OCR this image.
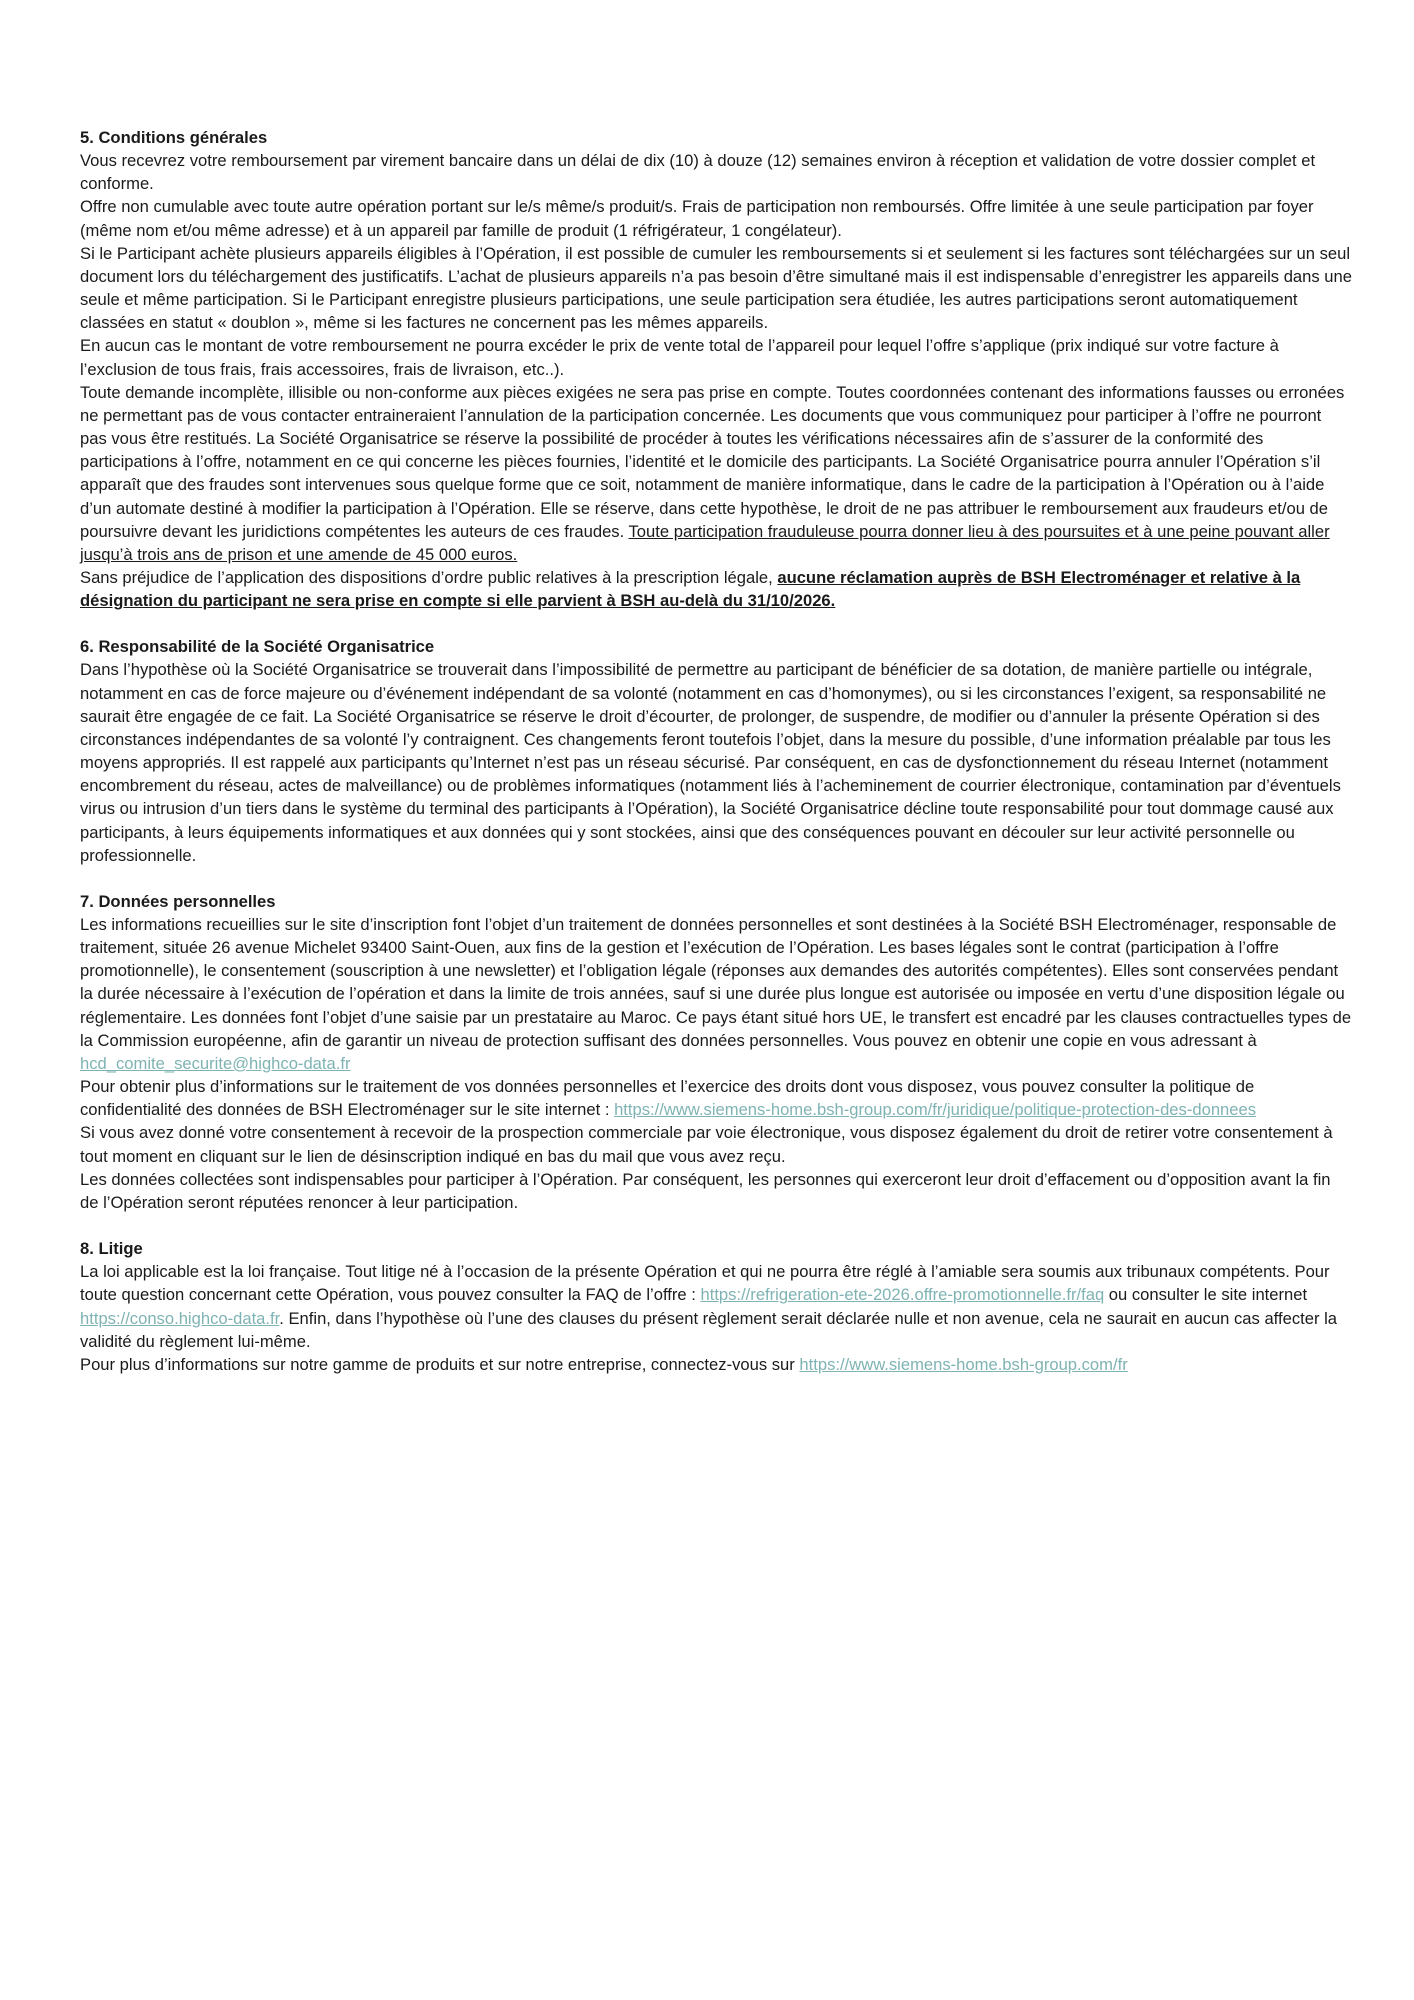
5. Conditions générales

Vous recevrez votre remboursement par virement bancaire dans un délai de dix (10) à douze (12) semaines environ à réception et validation de votre dossier complet et conforme.

Offre non cumulable avec toute autre opération portant sur le/s même/s produit/s. Frais de participation non remboursés. Offre limitée à une seule participation par foyer (même nom et/ou même adresse) et à un appareil par famille de produit (1 réfrigérateur, 1 congélateur).

Si le Participant achète plusieurs appareils éligibles à l’Opération, il est possible de cumuler les remboursements si et seulement si les factures sont téléchargées sur un seul document lors du téléchargement des justificatifs. L’achat de plusieurs appareils n’a pas besoin d’être simultané mais il est indispensable d’enregistrer les appareils dans une seule et même participation. Si le Participant enregistre plusieurs participations, une seule participation sera étudiée, les autres participations seront automatiquement classées en statut « doublon », même si les factures ne concernent pas les mêmes appareils.

En aucun cas le montant de votre remboursement ne pourra excéder le prix de vente total de l’appareil pour lequel l’offre s’applique (prix indiqué sur votre facture à l’exclusion de tous frais, frais accessoires, frais de livraison, etc..).

Toute demande incomplète, illisible ou non-conforme aux pièces exigées ne sera pas prise en compte. Toutes coordonnées contenant des informations fausses ou erronées ne permettant pas de vous contacter entraineraient l’annulation de la participation concernée. Les documents que vous communiquez pour participer à l’offre ne pourront pas vous être restitués. La Société Organisatrice se réserve la possibilité de procéder à toutes les vérifications nécessaires afin de s’assurer de la conformité des participations à l’offre, notamment en ce qui concerne les pièces fournies, l’identité et le domicile des participants. La Société Organisatrice pourra annuler l’Opération s’il apparaît que des fraudes sont intervenues sous quelque forme que ce soit, notamment de manière informatique, dans le cadre de la participation à l’Opération ou à l’aide d’un automate destiné à modifier la participation à l’Opération. Elle se réserve, dans cette hypothèse, le droit de ne pas attribuer le remboursement aux fraudeurs et/ou de poursuivre devant les juridictions compétentes les auteurs de ces fraudes. Toute participation frauduleuse pourra donner lieu à des poursuites et à une peine pouvant aller jusqu’à trois ans de prison et une amende de 45 000 euros.

Sans préjudice de l’application des dispositions d’ordre public relatives à la prescription légale, aucune réclamation auprès de BSH Electroménager et relative à la désignation du participant ne sera prise en compte si elle parvient à BSH au-delà du 31/10/2026.

6. Responsabilité de la Société Organisatrice

Dans l’hypothèse où la Société Organisatrice se trouverait dans l’impossibilité de permettre au participant de bénéficier de sa dotation, de manière partielle ou intégrale, notamment en cas de force majeure ou d’événement indépendant de sa volonté (notamment en cas d’homonymes), ou si les circonstances l’exigent, sa responsabilité ne saurait être engagée de ce fait. La Société Organisatrice se réserve le droit d’écourter, de prolonger, de suspendre, de modifier ou d’annuler la présente Opération si des circonstances indépendantes de sa volonté l’y contraignent. Ces changements feront toutefois l’objet, dans la mesure du possible, d’une information préalable par tous les moyens appropriés. Il est rappelé aux participants qu’Internet n’est pas un réseau sécurisé. Par conséquent, en cas de dysfonctionnement du réseau Internet (notamment encombrement du réseau, actes de malveillance) ou de problèmes informatiques (notamment liés à l’acheminement de courrier électronique, contamination par d’éventuels virus ou intrusion d’un tiers dans le système du terminal des participants à l’Opération), la Société Organisatrice décline toute responsabilité pour tout dommage causé aux participants, à leurs équipements informatiques et aux données qui y sont stockées, ainsi que des conséquences pouvant en découler sur leur activité personnelle ou professionnelle.

7. Données personnelles

Les informations recueillies sur le site d’inscription font l’objet d’un traitement de données personnelles et sont destinées à la Société BSH Electroménager, responsable de traitement, située 26 avenue Michelet 93400 Saint-Ouen, aux fins de la gestion et l’exécution de l’Opération. Les bases légales sont le contrat (participation à l’offre promotionnelle), le consentement (souscription à une newsletter) et l’obligation légale (réponses aux demandes des autorités compétentes). Elles sont conservées pendant la durée nécessaire à l’exécution de l’opération et dans la limite de trois années, sauf si une durée plus longue est autorisée ou imposée en vertu d’une disposition légale ou réglementaire. Les données font l’objet d’une saisie par un prestataire au Maroc. Ce pays étant situé hors UE, le transfert est encadré par les clauses contractuelles types de la Commission européenne, afin de garantir un niveau de protection suffisant des données personnelles. Vous pouvez en obtenir une copie en vous adressant à hcd_comite_securite@highco-data.fr

Pour obtenir plus d’informations sur le traitement de vos données personnelles et l’exercice des droits dont vous disposez, vous pouvez consulter la politique de confidentialité des données de BSH Electroménager sur le site internet : https://www.siemens-home.bsh-group.com/fr/juridique/politique-protection-des-donnees

Si vous avez donné votre consentement à recevoir de la prospection commerciale par voie électronique, vous disposez également du droit de retirer votre consentement à tout moment en cliquant sur le lien de désinscription indiqué en bas du mail que vous avez reçu.

Les données collectées sont indispensables pour participer à l’Opération. Par conséquent, les personnes qui exerceront leur droit d’effacement ou d’opposition avant la fin de l’Opération seront réputées renoncer à leur participation.

8. Litige

La loi applicable est la loi française. Tout litige né à l’occasion de la présente Opération et qui ne pourra être réglé à l’amiable sera soumis aux tribunaux compétents. Pour toute question concernant cette Opération, vous pouvez consulter la FAQ de l’offre : https://refrigeration-ete-2026.offre-promotionnelle.fr/faq ou consulter le site internet https://conso.highco-data.fr. Enfin, dans l’hypothèse où l’une des clauses du présent règlement serait déclarée nulle et non avenue, cela ne saurait en aucun cas affecter la validité du règlement lui-même.

Pour plus d’informations sur notre gamme de produits et sur notre entreprise, connectez-vous sur https://www.siemens-home.bsh-group.com/fr
